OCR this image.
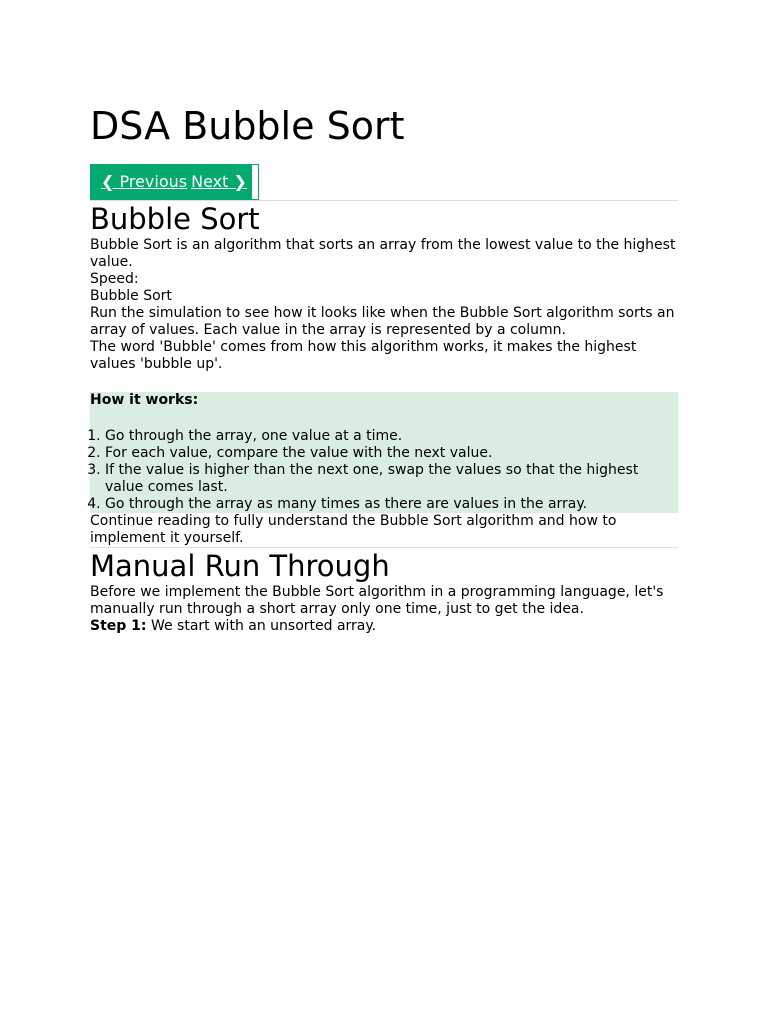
DSA Bubble Sort
❮ Previous Next ❯
Bubble Sort

Bubble Sort is an algorithm that sorts an array from the lowest value to the highest value.

Speed:

Bubble Sort

Run the simulation to see how it looks like when the Bubble Sort algorithm sorts an array of values. Each value in the array is represented by a column.

The word 'Bubble' comes from how this algorithm works, it makes the highest values 'bubble up'.

How it works:
1. Go through the array, one value at a time.
2. For each value, compare the value with the next value.
3. If the value is higher than the next one, swap the values so that the highest value comes last.
4. Go through the array as many times as there are values in the array.

Continue reading to fully understand the Bubble Sort algorithm and how to implement it yourself.

Manual Run Through

Before we implement the Bubble Sort algorithm in a programming language, let's manually run through a short array only one time, just to get the idea.

Step 1: We start with an unsorted array.
